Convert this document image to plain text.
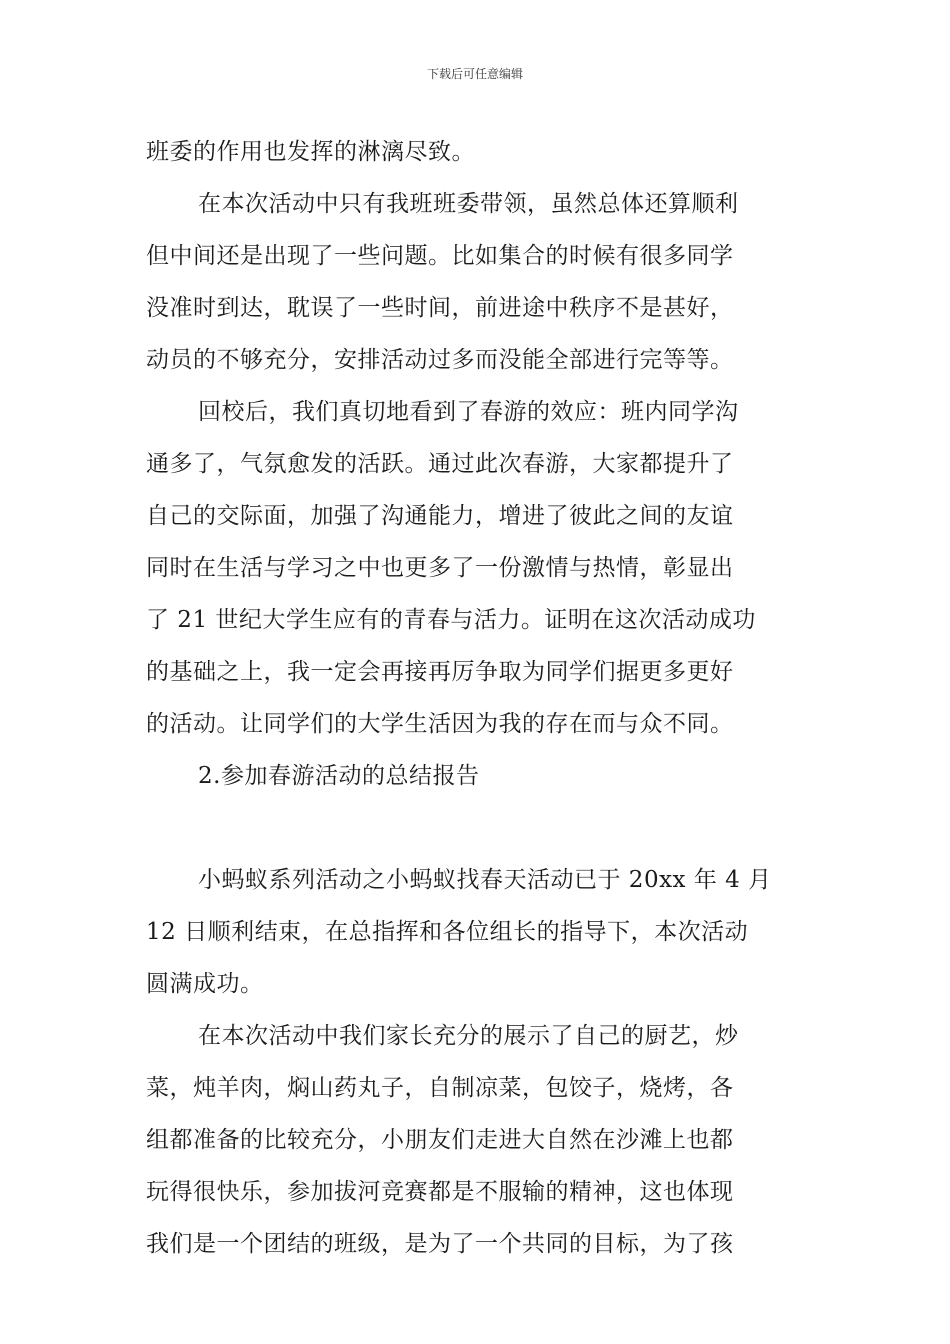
下载后可任意编辑
班委的作用也发挥的淋漓尽致。
在本次活动中只有我班班委带领，虽然总体还算顺利
但中间还是出现了一些问题。比如集合的时候有很多同学
没准时到达，耽误了一些时间，前进途中秩序不是甚好，
动员的不够充分，安排活动过多而没能全部进行完等等。
回校后，我们真切地看到了春游的效应：班内同学沟
通多了，气氛愈发的活跃。通过此次春游，大家都提升了
自己的交际面，加强了沟通能力，增进了彼此之间的友谊
同时在生活与学习之中也更多了一份激情与热情，彰显出
了 21 世纪大学生应有的青春与活力。证明在这次活动成功
的基础之上，我一定会再接再厉争取为同学们据更多更好
的活动。让同学们的大学生活因为我的存在而与众不同。
2.参加春游活动的总结报告
小蚂蚁系列活动之小蚂蚁找春天活动已于 20xx 年 4 月
12 日顺利结束，在总指挥和各位组长的指导下，本次活动
圆满成功。
在本次活动中我们家长充分的展示了自己的厨艺，炒
菜，炖羊肉，焖山药丸子，自制凉菜，包饺子，烧烤，各
组都准备的比较充分，小朋友们走进大自然在沙滩上也都
玩得很快乐，参加拔河竞赛都是不服输的精神，这也体现
我们是一个团结的班级，是为了一个共同的目标，为了孩
